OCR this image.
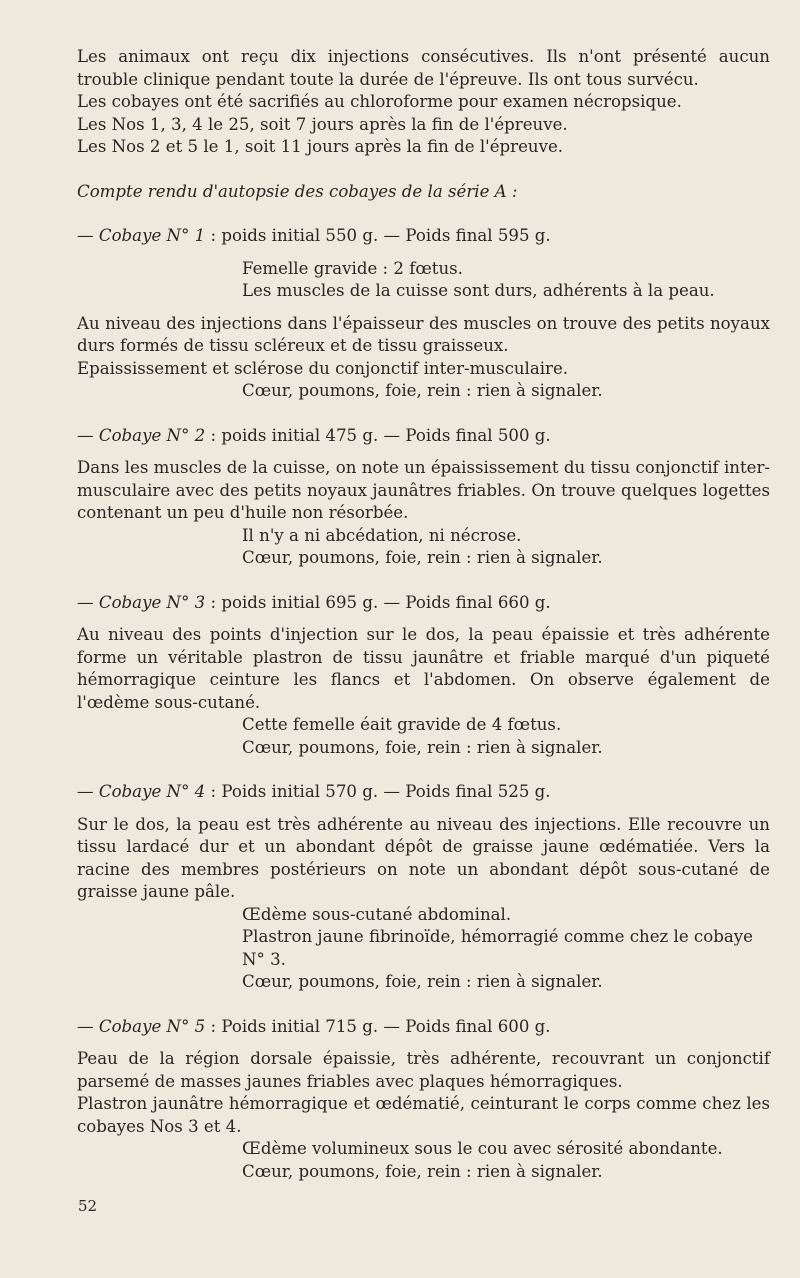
Les animaux ont reçu dix injections consécutives. Ils n'ont présenté aucun trouble clinique pendant toute la durée de l'épreuve. Ils ont tous survécu.

Les cobayes ont été sacrifiés au chloroforme pour examen nécropsique.

Les Nos 1, 3, 4 le 25, soit 7 jours après la fin de l'épreuve.

Les Nos 2 et 5 le 1, soit 11 jours après la fin de l'épreuve.

Compte rendu d'autopsie des cobayes de la série A :

— Cobaye N° 1 : poids initial 550 g. — Poids final 595 g.

Femelle gravide : 2 fœtus.

Les muscles de la cuisse sont durs, adhérents à la peau.

Au niveau des injections dans l'épaisseur des muscles on trouve des petits noyaux durs formés de tissu scléreux et de tissu graisseux.

Epaississement et sclérose du conjonctif inter-musculaire.

Cœur, poumons, foie, rein : rien à signaler.

— Cobaye N° 2 : poids initial 475 g. — Poids final 500 g.

Dans les muscles de la cuisse, on note un épaississement du tissu conjonctif inter-musculaire avec des petits noyaux jaunâtres friables. On trouve quelques logettes contenant un peu d'huile non résorbée.

Il n'y a ni abcédation, ni nécrose.

Cœur, poumons, foie, rein : rien à signaler.

— Cobaye N° 3 : poids initial 695 g. — Poids final 660 g.

Au niveau des points d'injection sur le dos, la peau épaissie et très adhérente forme un véritable plastron de tissu jaunâtre et friable marqué d'un piqueté hémorragique ceinture les flancs et l'abdomen. On observe également de l'œdème sous-cutané.

Cette femelle éait gravide de 4 fœtus.

Cœur, poumons, foie, rein : rien à signaler.

— Cobaye N° 4 : Poids initial 570 g. — Poids final 525 g.

Sur le dos, la peau est très adhérente au niveau des injections. Elle recouvre un tissu lardacé dur et un abondant dépôt de graisse jaune œdématiée. Vers la racine des membres postérieurs on note un abondant dépôt sous-cutané de graisse jaune pâle.

Œdème sous-cutané abdominal.

Plastron jaune fibrinoïde, hémorragié comme chez le cobaye N° 3.

Cœur, poumons, foie, rein : rien à signaler.

— Cobaye N° 5 : Poids initial 715 g. — Poids final 600 g.

Peau de la région dorsale épaissie, très adhérente, recouvrant un conjonctif parsemé de masses jaunes friables avec plaques hémorragiques.

Plastron jaunâtre hémorragique et œdématié, ceinturant le corps comme chez les cobayes Nos 3 et 4.

Œdème volumineux sous le cou avec sérosité abondante.

Cœur, poumons, foie, rein : rien à signaler.

52
